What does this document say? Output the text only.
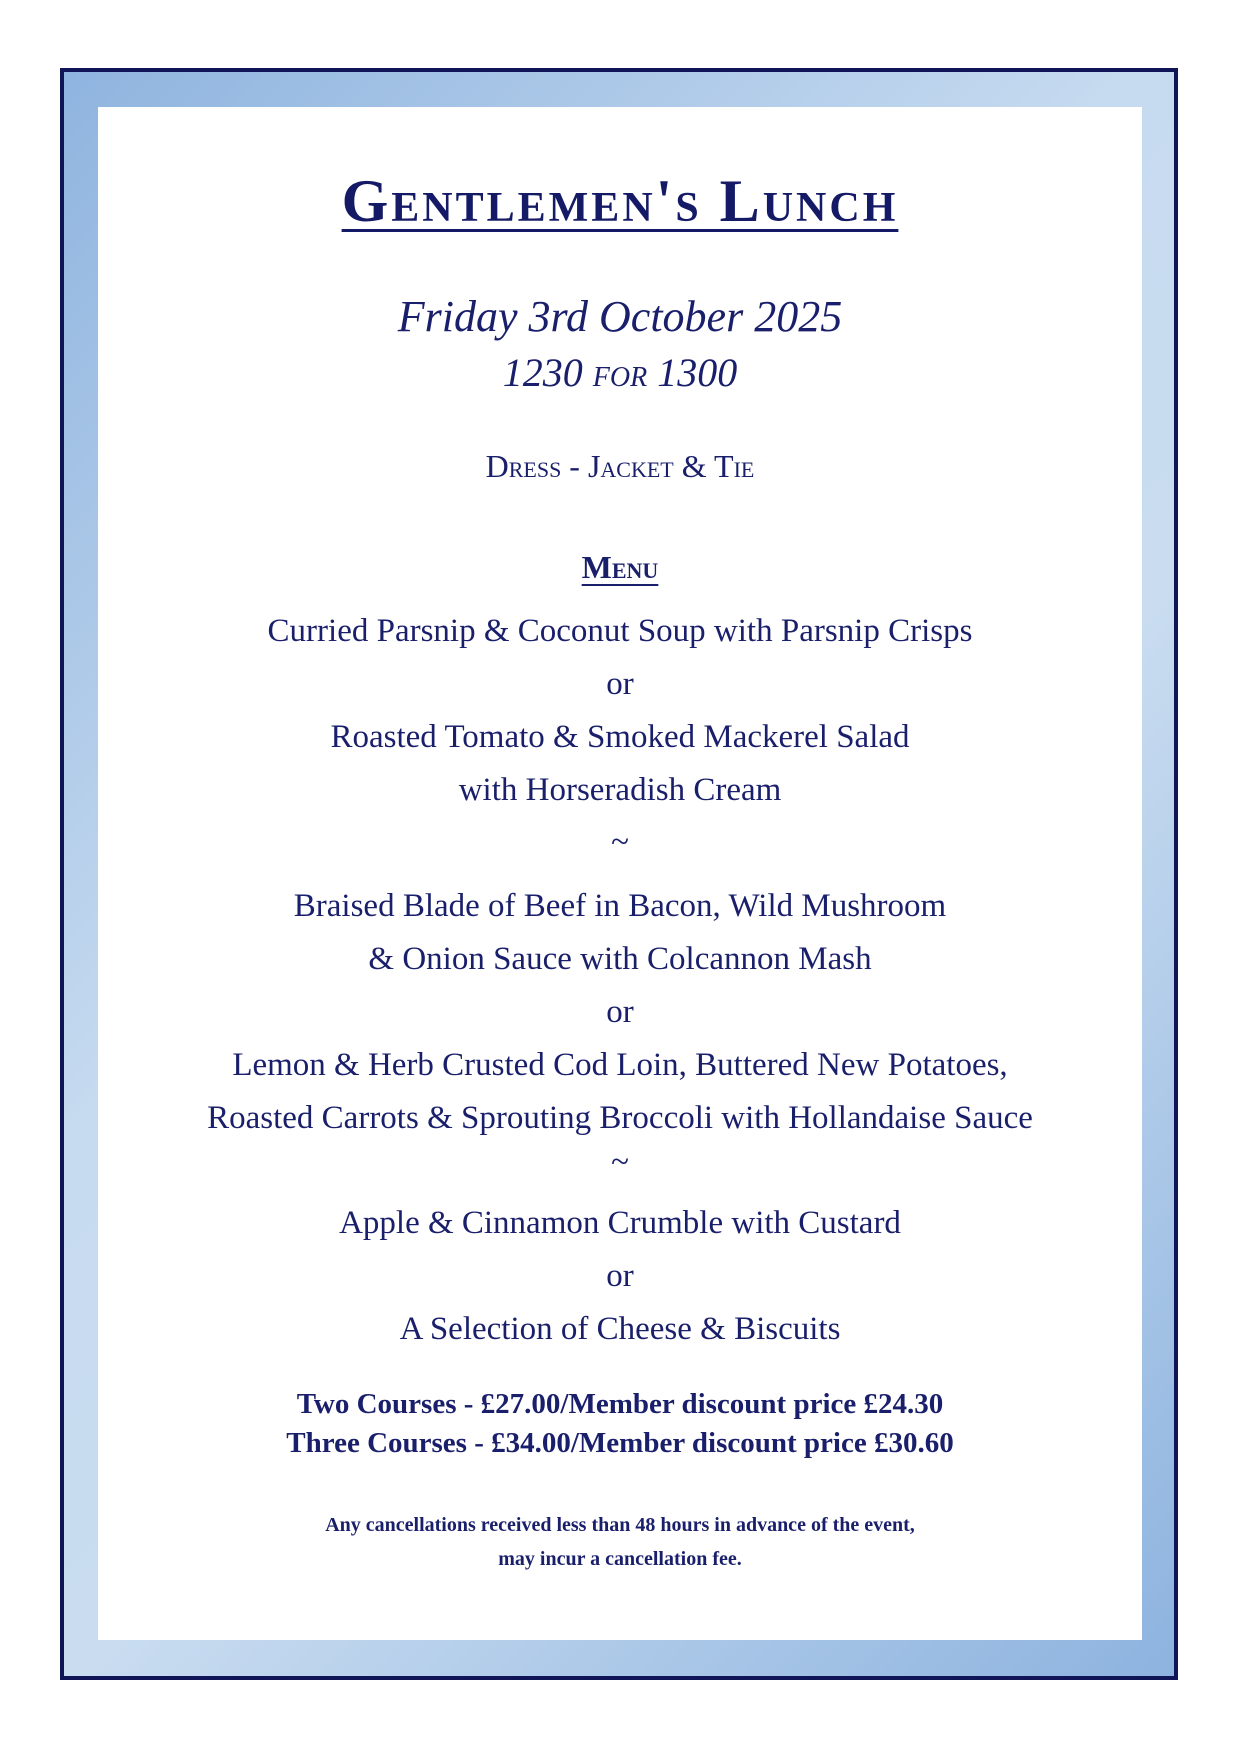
Gentlemen's Lunch
Friday 3rd October 2025
1230 for 1300
Dress - Jacket & Tie
Menu
Curried Parsnip & Coconut Soup with Parsnip Crisps
or
Roasted Tomato & Smoked Mackerel Salad
with Horseradish Cream
~
Braised Blade of Beef in Bacon, Wild Mushroom
& Onion Sauce with Colcannon Mash
or
Lemon & Herb Crusted Cod Loin, Buttered New Potatoes,
Roasted Carrots & Sprouting Broccoli with Hollandaise Sauce
~
Apple & Cinnamon Crumble with Custard
or
A Selection of Cheese & Biscuits
Two Courses - £27.00/Member discount price £24.30
Three Courses - £34.00/Member discount price £30.60
Any cancellations received less than 48 hours in advance of the event,
may incur a cancellation fee.
